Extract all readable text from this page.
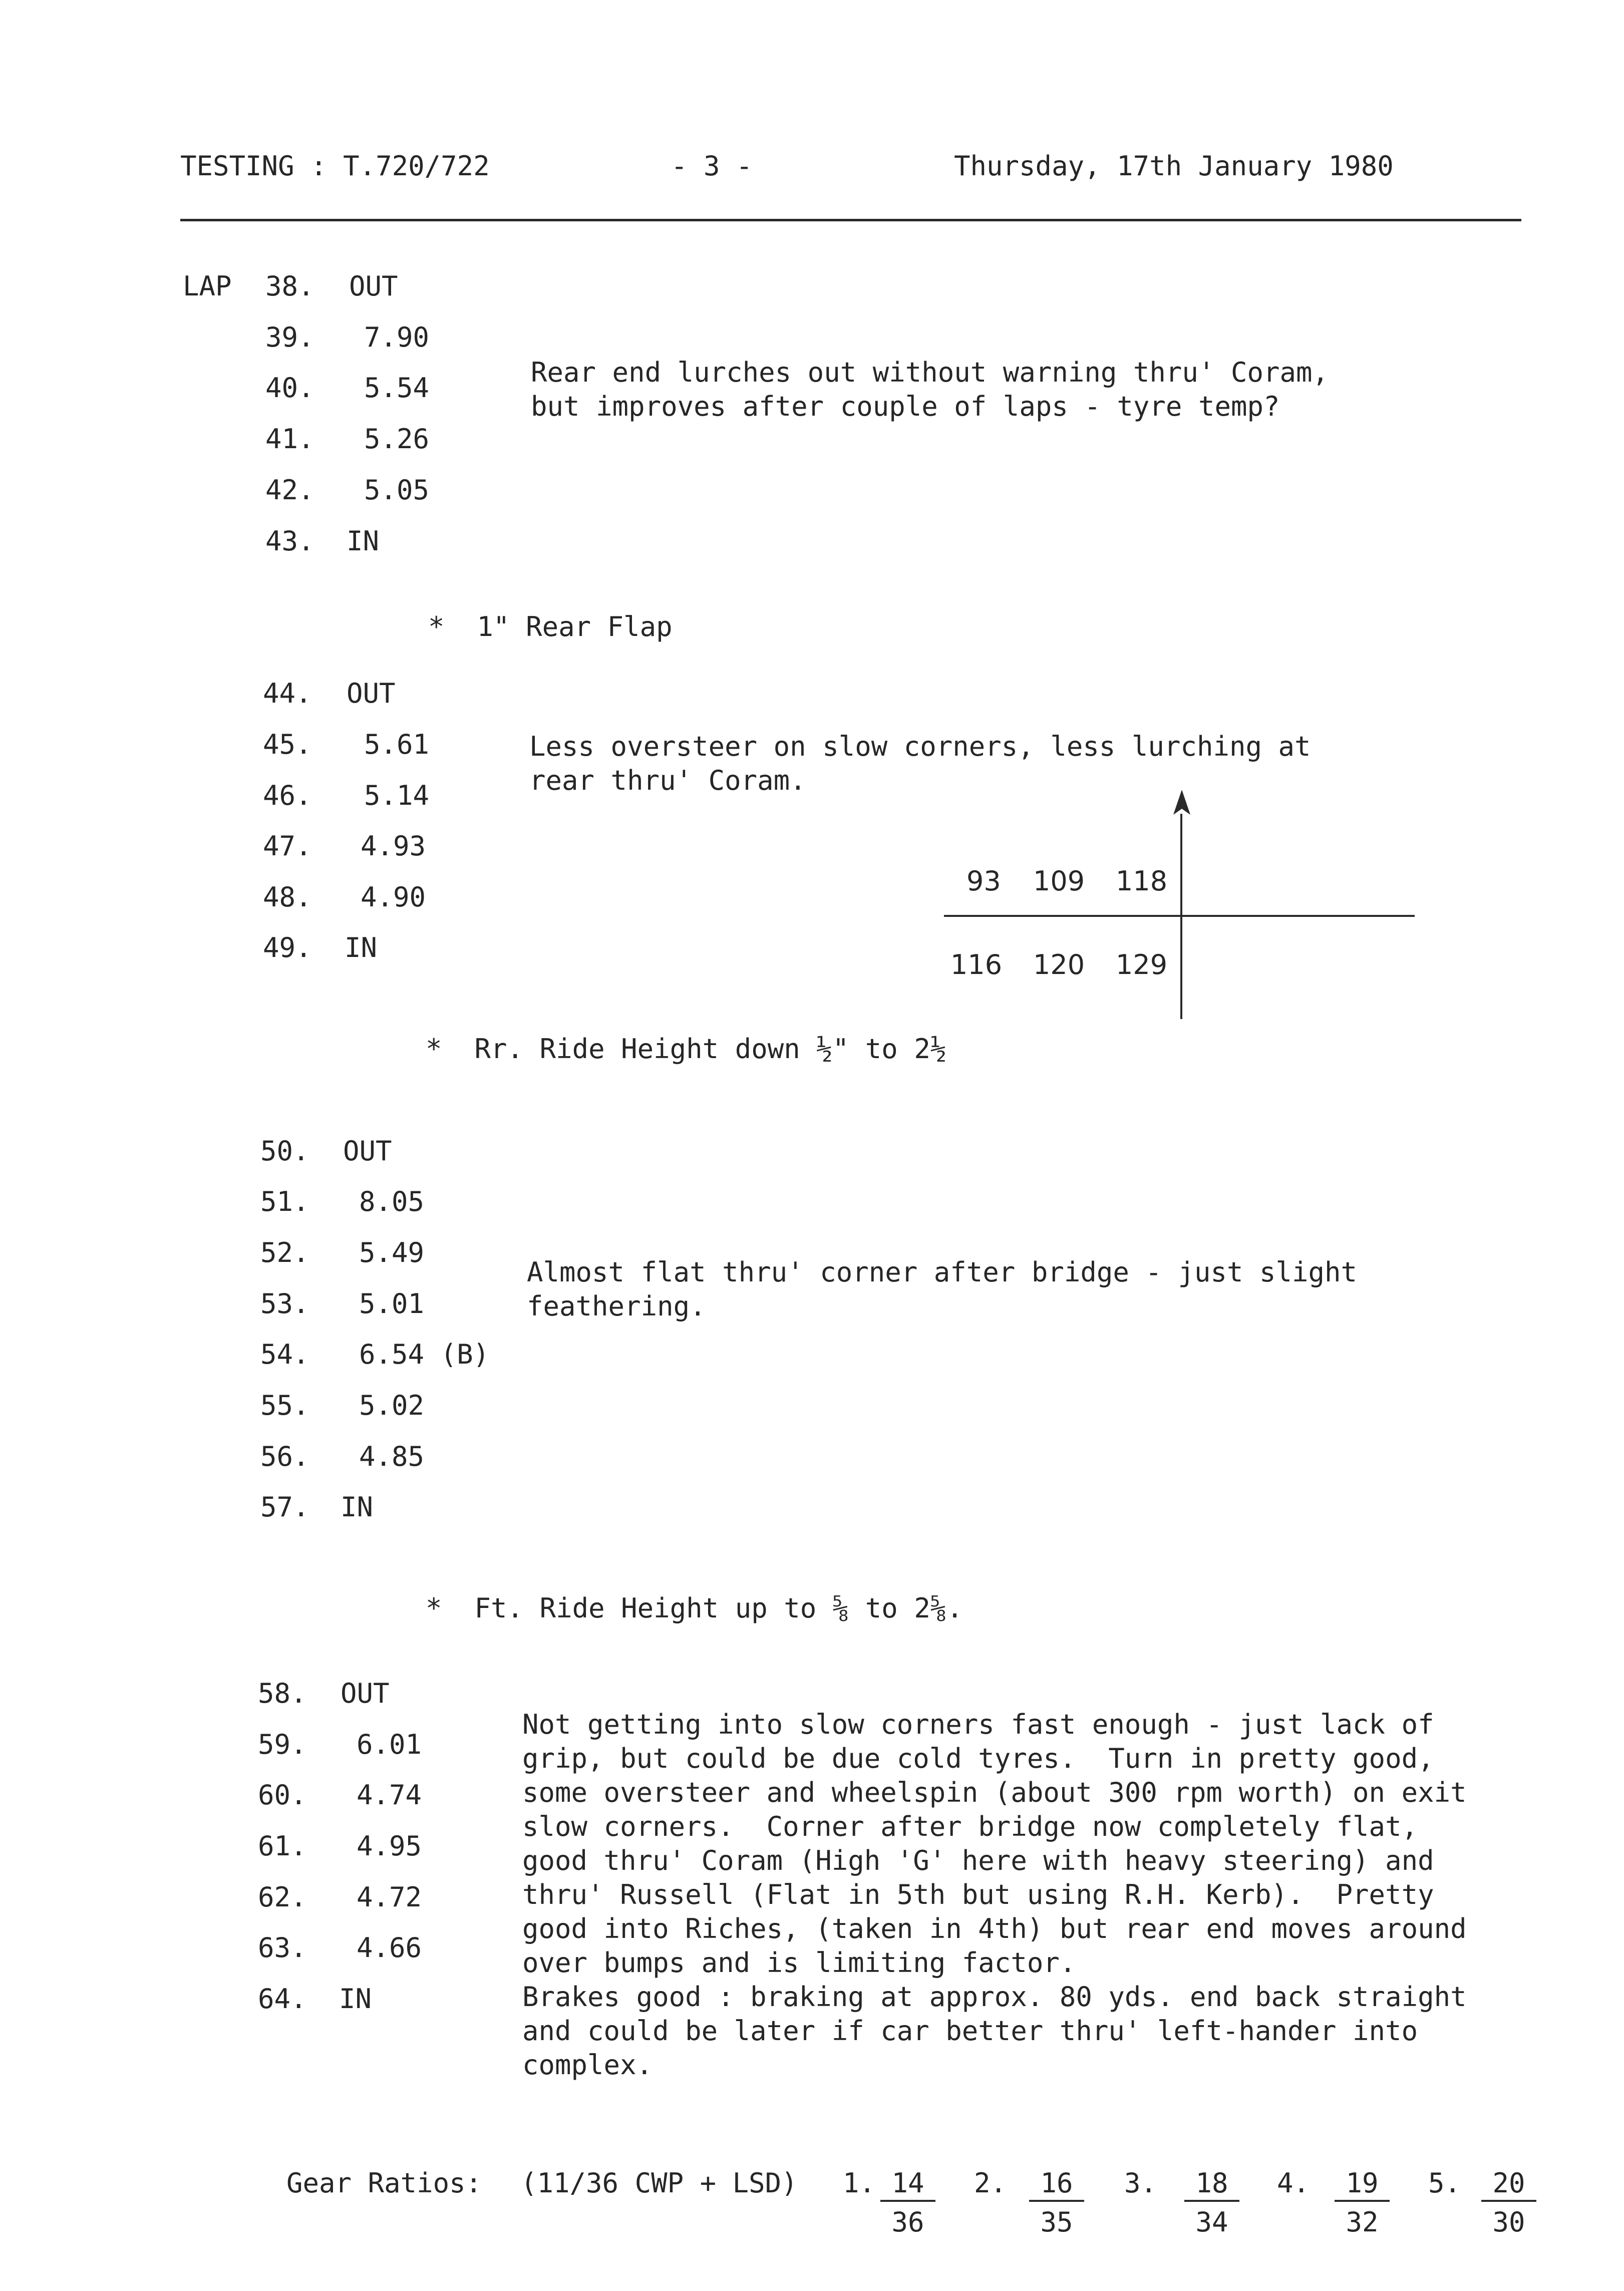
TESTING : T.720/722	- 3 -	Thursday, 17th January 1980
LAP 38. OUT
39. 7.90
40. 5.54
41. 5.26
42. 5.05
43. IN
Rear end lurches out without warning thru' Coram,
but improves after couple of laps - tyre temp?
*  1" Rear Flap
44. OUT
45. 5.61
46. 5.14
47. 4.93
48. 4.90
49. IN
Less oversteer on slow corners, less lurching at
rear thru' Coram.
93 109 118
116 120 129
*  Rr. Ride Height down ½" to 2½
50. OUT
51. 8.05
52. 5.49
53. 5.01
54. 6.54 (B)
55. 5.02
56. 4.85
57. IN
Almost flat thru' corner after bridge - just slight
feathering.
*  Ft. Ride Height up to ⅝ to 2⅝.
58. OUT
59. 6.01
60. 4.74
61. 4.95
62. 4.72
63. 4.66
64. IN
Not getting into slow corners fast enough - just lack of
grip, but could be due cold tyres.  Turn in pretty good,
some oversteer and wheelspin (about 300 rpm worth) on exit
slow corners.  Corner after bridge now completely flat,
good thru' Coram (High 'G' here with heavy steering) and
thru' Russell (Flat in 5th but using R.H. Kerb).  Pretty
good into Riches, (taken in 4th) but rear end moves around
over bumps and is limiting factor.
Brakes good : braking at approx. 80 yds. end back straight
and could be later if car better thru' left-hander into
complex.
Gear Ratios: (11/36 CWP + LSD) 1. $\frac{14}{36} 2$. $\frac{16}{35} 3$. $\frac{18}{34} 4$. $\frac{19}{32} 5$. $\frac{20}{30}$
